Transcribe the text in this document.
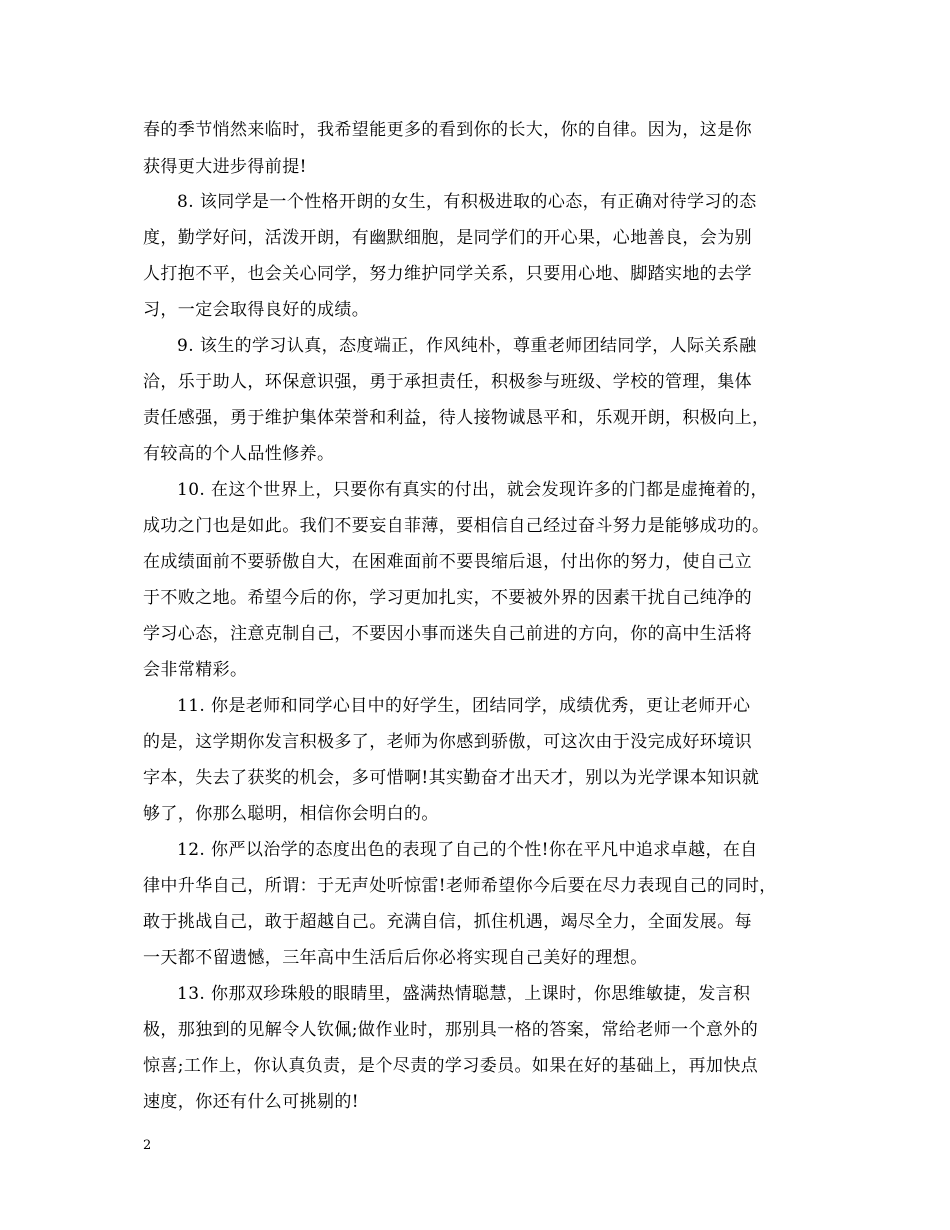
春的季节悄然来临时，我希望能更多的看到你的长大，你的自律。因为，这是你
获得更大进步得前提!
8. 该同学是一个性格开朗的女生，有积极进取的心态，有正确对待学习的态
度，勤学好问，活泼开朗，有幽默细胞，是同学们的开心果，心地善良，会为别
人打抱不平，也会关心同学，努力维护同学关系，只要用心地、脚踏实地的去学
习，一定会取得良好的成绩。
9. 该生的学习认真，态度端正，作风纯朴，尊重老师团结同学，人际关系融
洽，乐于助人，环保意识强，勇于承担责任，积极参与班级、学校的管理，集体
责任感强，勇于维护集体荣誉和利益，待人接物诚恳平和，乐观开朗，积极向上，
有较高的个人品性修养。
10. 在这个世界上，只要你有真实的付出，就会发现许多的门都是虚掩着的，
成功之门也是如此。我们不要妄自菲薄，要相信自己经过奋斗努力是能够成功的。
在成绩面前不要骄傲自大，在困难面前不要畏缩后退，付出你的努力，使自己立
于不败之地。希望今后的你，学习更加扎实，不要被外界的因素干扰自己纯净的
学习心态，注意克制自己，不要因小事而迷失自己前进的方向，你的高中生活将
会非常精彩。
11. 你是老师和同学心目中的好学生，团结同学，成绩优秀，更让老师开心
的是，这学期你发言积极多了，老师为你感到骄傲，可这次由于没完成好环境识
字本，失去了获奖的机会，多可惜啊!其实勤奋才出天才，别以为光学课本知识就
够了，你那么聪明，相信你会明白的。
12. 你严以治学的态度出色的表现了自己的个性!你在平凡中追求卓越，在自
律中升华自己，所谓：于无声处听惊雷!老师希望你今后要在尽力表现自己的同时，
敢于挑战自己，敢于超越自己。充满自信，抓住机遇，竭尽全力，全面发展。每
一天都不留遗憾，三年高中生活后后你必将实现自己美好的理想。
13. 你那双珍珠般的眼睛里，盛满热情聪慧，上课时，你思维敏捷，发言积
极，那独到的见解令人钦佩;做作业时，那别具一格的答案，常给老师一个意外的
惊喜;工作上，你认真负责，是个尽责的学习委员。如果在好的基础上，再加快点
速度，你还有什么可挑剔的!
2
